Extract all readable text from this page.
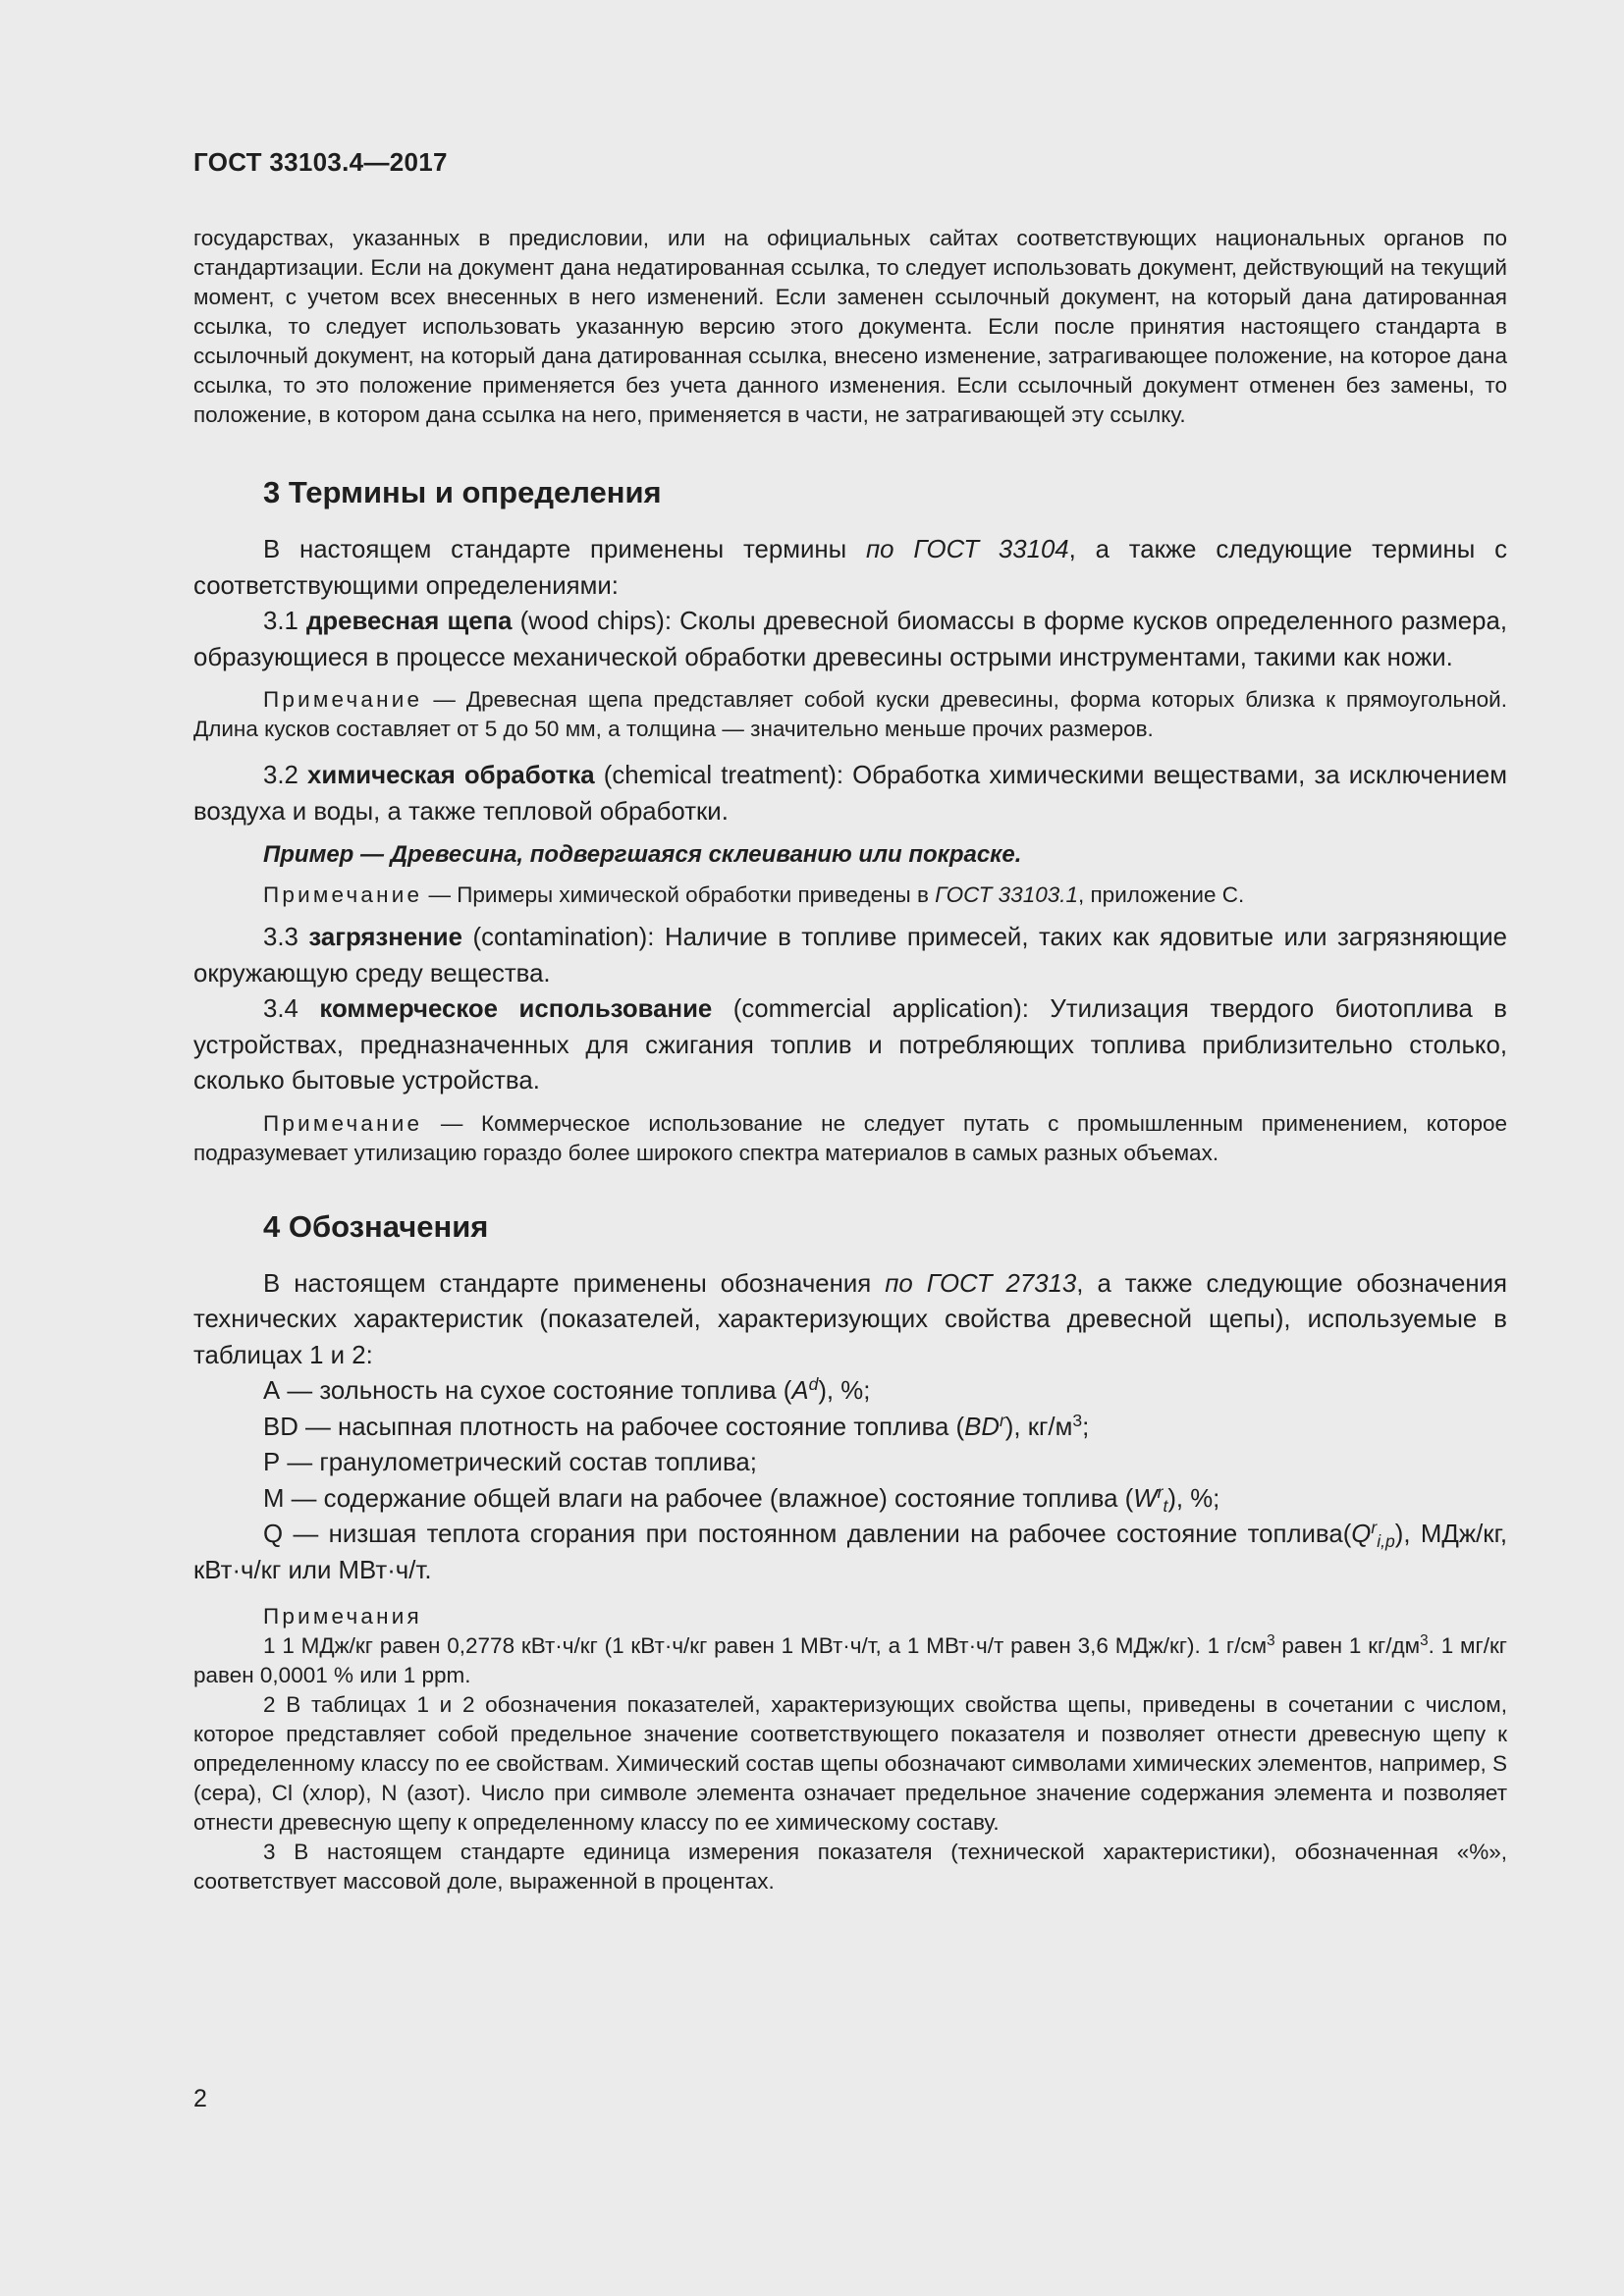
ГОСТ 33103.4—2017

государствах, указанных в предисловии, или на официальных сайтах соответствующих национальных органов по стандартизации. Если на документ дана недатированная ссылка, то следует использовать документ, действующий на текущий момент, с учетом всех внесенных в него изменений. Если заменен ссылочный документ, на который дана датированная ссылка, то следует использовать указанную версию этого документа. Если после принятия настоящего стандарта в ссылочный документ, на который дана датированная ссылка, внесено изменение, затрагивающее положение, на которое дана ссылка, то это положение применяется без учета данного изменения. Если ссылочный документ отменен без замены, то положение, в котором дана ссылка на него, применяется в части, не затрагивающей эту ссылку.

3 Термины и определения

В настоящем стандарте применены термины по ГОСТ 33104, а также следующие термины с соответствующими определениями:

3.1 древесная щепа (wood chips): Сколы древесной биомассы в форме кусков определенного размера, образующиеся в процессе механической обработки древесины острыми инструментами, такими как ножи.

Примечание — Древесная щепа представляет собой куски древесины, форма которых близка к прямоугольной. Длина кусков составляет от 5 до 50 мм, а толщина — значительно меньше прочих размеров.

3.2 химическая обработка (chemical treatment): Обработка химическими веществами, за исключением воздуха и воды, а также тепловой обработки.

Пример — Древесина, подвергшаяся склеиванию или покраске.

Примечание — Примеры химической обработки приведены в ГОСТ 33103.1, приложение С.

3.3 загрязнение (contamination): Наличие в топливе примесей, таких как ядовитые или загрязняющие окружающую среду вещества.

3.4 коммерческое использование (commercial application): Утилизация твердого биотоплива в устройствах, предназначенных для сжигания топлив и потребляющих топлива приблизительно столько, сколько бытовые устройства.

Примечание — Коммерческое использование не следует путать с промышленным применением, которое подразумевает утилизацию гораздо более широкого спектра материалов в самых разных объемах.

4 Обозначения

В настоящем стандарте применены обозначения по ГОСТ 27313, а также следующие обозначения технических характеристик (показателей, характеризующих свойства древесной щепы), используемые в таблицах 1 и 2:

А — зольность на сухое состояние топлива $(A^d)$, %;

BD — насыпная плотность на рабочее состояние топлива $(BD^r)$, $кг/м^3$;

Р — гранулометрический состав топлива;

М — содержание общей влаги на рабочее (влажное) состояние топлива $(W^r_t)$, %;

Q — низшая теплота сгорания при постоянном давлении на рабочее состояние $топлива(Q^r_{i,p})$, МДж/кг, кВт·ч/кг или МВт·ч/т.

Примечания

1 1 МДж/кг равен 0,2778 кВт·ч/кг (1 кВт·ч/кг равен 1 МВт·ч/т, а 1 МВт·ч/т равен 3,6 МДж/кг). 1 $г/см^3$ равен 1 $кг/дм^3$. 1 мг/кг равен 0,0001 % или 1 ppm.

2 В таблицах 1 и 2 обозначения показателей, характеризующих свойства щепы, приведены в сочетании с числом, которое представляет собой предельное значение соответствующего показателя и позволяет отнести древесную щепу к определенному классу по ее свойствам. Химический состав щепы обозначают символами химических элементов, например, S (сера), Cl (хлор), N (азот). Число при символе элемента означает предельное значение содержания элемента и позволяет отнести древесную щепу к определенному классу по ее химическому составу.

3 В настоящем стандарте единица измерения показателя (технической характеристики), обозначенная «%», соответствует массовой доле, выраженной в процентах.

2
